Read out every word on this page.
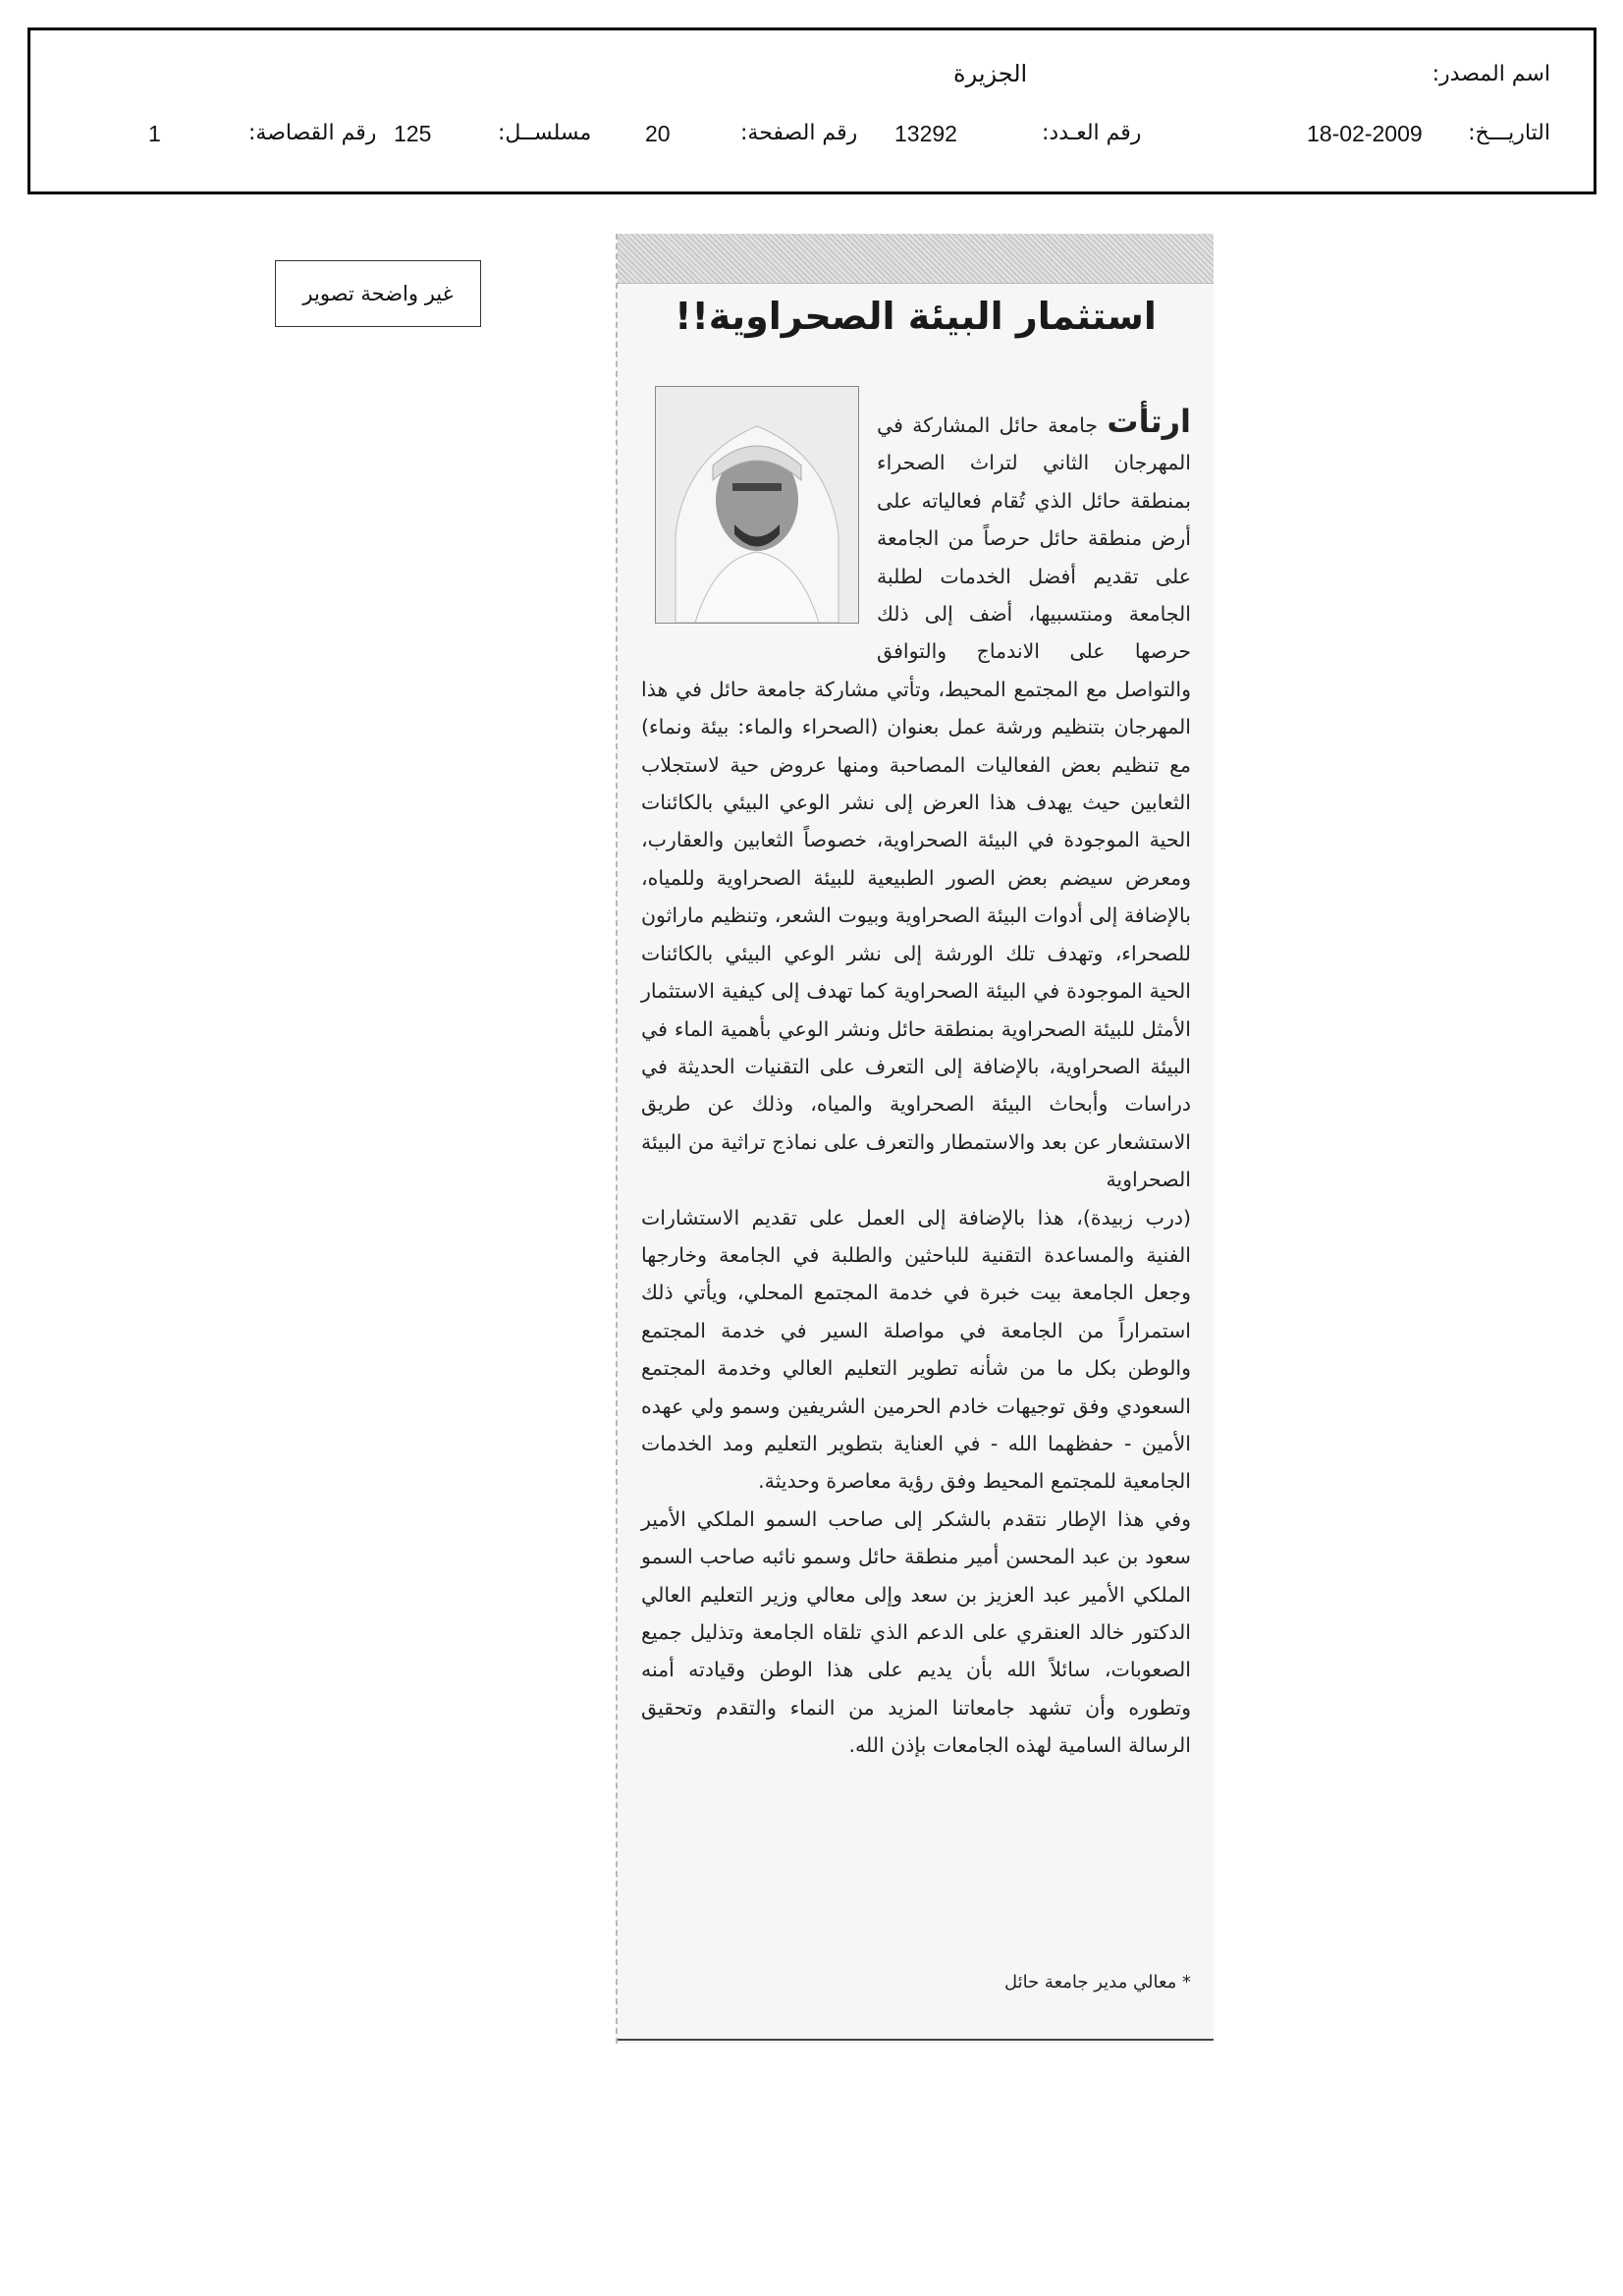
اسم المصدر:
الجزيرة
التاريـــخ:
18-02-2009
رقم العـدد:
13292
رقم الصفحة:
20
مسلســل:
125
رقم القصاصة:
1
غير واضحة تصوير
استثمار البيئة الصحراوية!!

ارتأت جامعة حائل المشاركة في المهرجان الثاني لتراث الصحراء بمنطقة حائل الذي تُقام فعالياته على أرض منطقة حائل حرصاً من الجامعة على تقديم أفضل الخدمات لطلبة الجامعة ومنتسبيها، أضف إلى ذلك حرصها على الاندماج والتوافق والتواصل مع المجتمع المحيط، وتأتي مشاركة جامعة حائل في هذا المهرجان بتنظيم ورشة عمل بعنوان (الصحراء والماء: بيئة ونماء) مع تنظيم بعض الفعاليات المصاحبة ومنها عروض حية لاستجلاب الثعابين حيث يهدف هذا العرض إلى نشر الوعي البيئي بالكائنات الحية الموجودة في البيئة الصحراوية، خصوصاً الثعابين والعقارب، ومعرض سيضم بعض الصور الطبيعية للبيئة الصحراوية وللمياه، بالإضافة إلى أدوات البيئة الصحراوية وبيوت الشعر، وتنظيم ماراثون للصحراء، وتهدف تلك الورشة إلى نشر الوعي البيئي بالكائنات الحية الموجودة في البيئة الصحراوية كما تهدف إلى كيفية الاستثمار الأمثل للبيئة الصحراوية بمنطقة حائل ونشر الوعي بأهمية الماء في البيئة الصحراوية، بالإضافة إلى التعرف على التقنيات الحديثة في دراسات وأبحاث البيئة الصحراوية والمياه، وذلك عن طريق الاستشعار عن بعد والاستمطار والتعرف على نماذج تراثية من البيئة الصحراوية

(درب زبيدة)، هذا بالإضافة إلى العمل على تقديم الاستشارات الفنية والمساعدة التقنية للباحثين والطلبة في الجامعة وخارجها وجعل الجامعة بيت خبرة في خدمة المجتمع المحلي، ويأتي ذلك استمراراً من الجامعة في مواصلة السير في خدمة المجتمع والوطن بكل ما من شأنه تطوير التعليم العالي وخدمة المجتمع السعودي وفق توجيهات خادم الحرمين الشريفين وسمو ولي عهده الأمين - حفظهما الله - في العناية بتطوير التعليم ومد الخدمات الجامعية للمجتمع المحيط وفق رؤية معاصرة وحديثة.

وفي هذا الإطار نتقدم بالشكر إلى صاحب السمو الملكي الأمير سعود بن عبد المحسن أمير منطقة حائل وسمو نائبه صاحب السمو الملكي الأمير عبد العزيز بن سعد وإلى معالي وزير التعليم العالي الدكتور خالد العنقري على الدعم الذي تلقاه الجامعة وتذليل جميع الصعوبات، سائلاً الله بأن يديم على هذا الوطن وقيادته أمنه وتطوره وأن تشهد جامعاتنا المزيد من النماء والتقدم وتحقيق الرسالة السامية لهذه الجامعات بإذن الله.

* معالي مدير جامعة حائل
